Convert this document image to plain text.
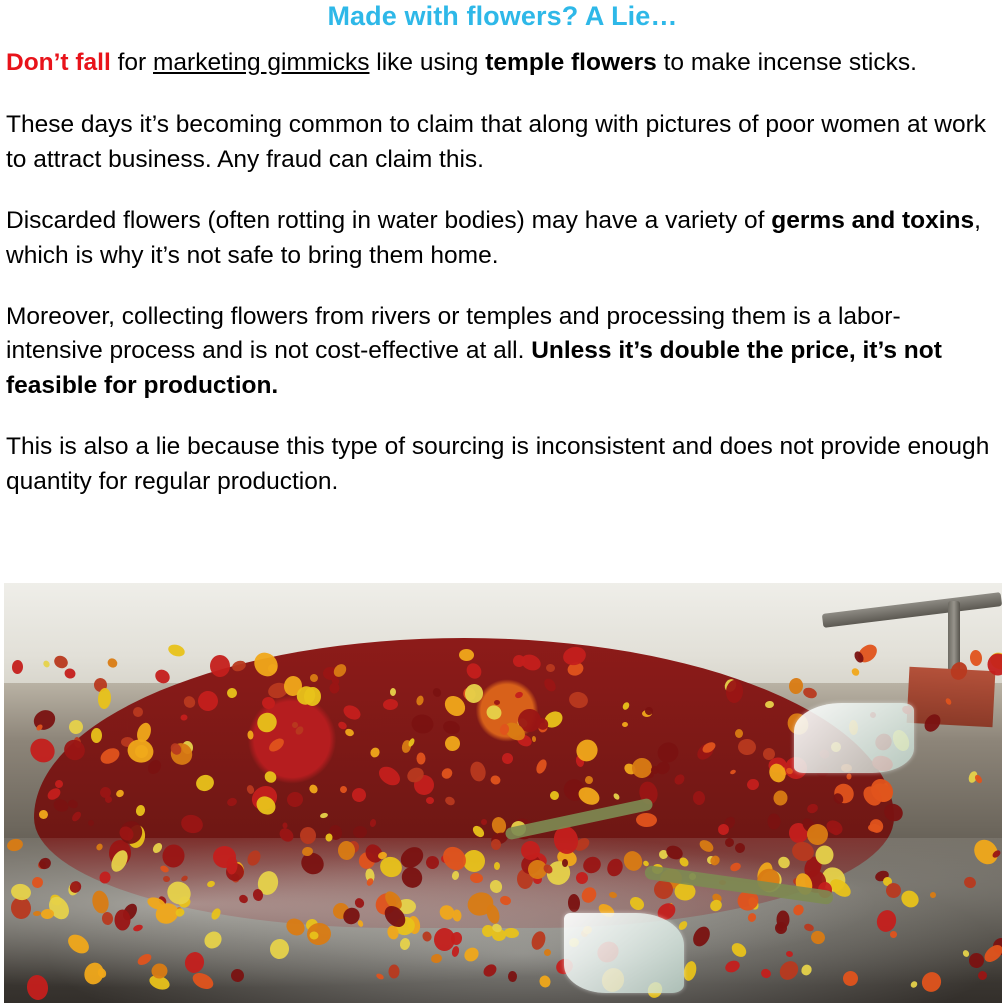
Made with flowers? A Lie…

Don’t fall for marketing gimmicks like using temple flowers to make incense sticks.

These days it’s becoming common to claim that along with pictures of poor women at work to attract business. Any fraud can claim this.

Discarded flowers (often rotting in water bodies) may have a variety of germs and toxins, which is why it’s not safe to bring them home.

Moreover, collecting flowers from rivers or temples and processing them is a labor-intensive process and is not cost-effective at all. Unless it’s double the price, it’s not feasible for production.

This is also a lie because this type of sourcing is inconsistent and does not provide enough quantity for regular production.
